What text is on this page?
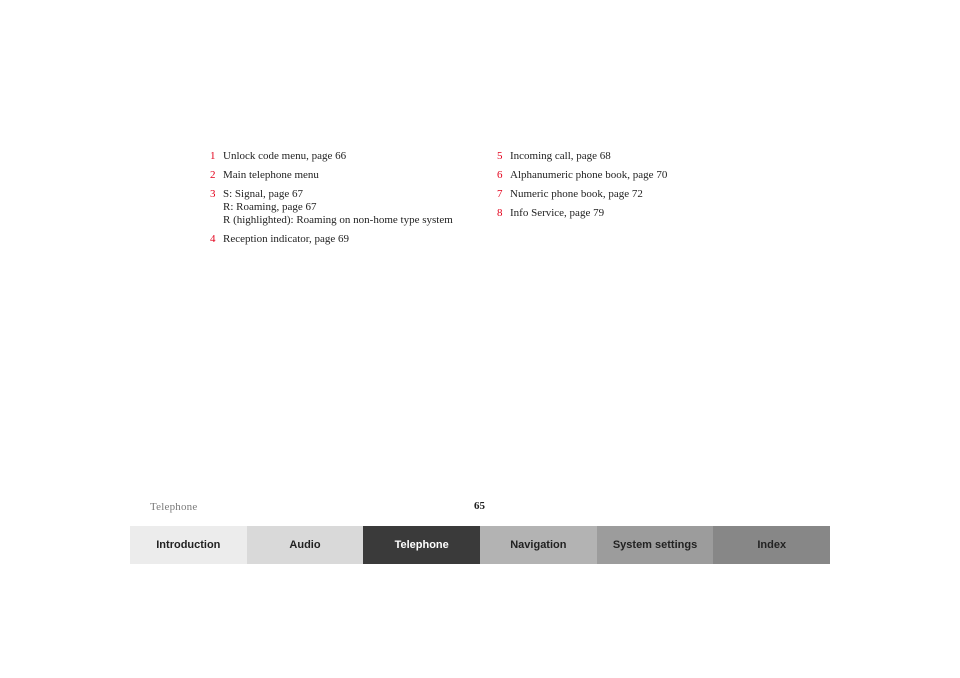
1 Unlock code menu, page 66
2 Main telephone menu
3 S: Signal, page 67
R: Roaming, page 67
R (highlighted): Roaming on non-home type system
4 Reception indicator, page 69
5 Incoming call, page 68
6 Alphanumeric phone book, page 70
7 Numeric phone book, page 72
8 Info Service, page 79
Telephone	65
Introduction	Audio	Telephone	Navigation	System settings	Index
